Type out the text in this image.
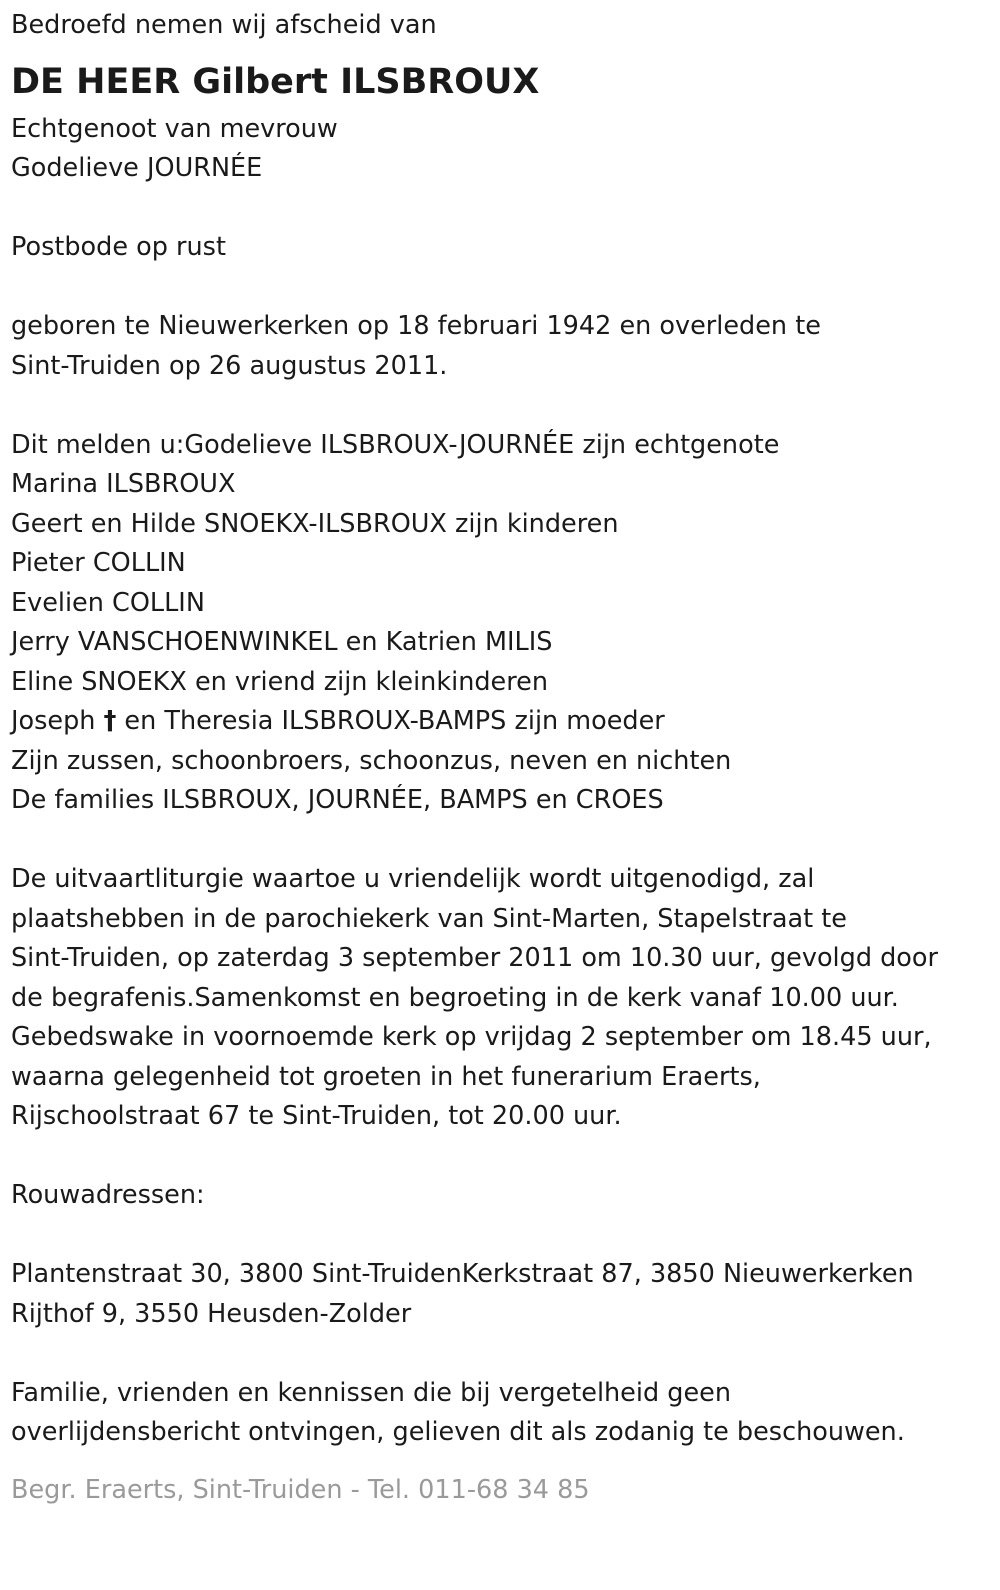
Bedroefd nemen wij afscheid van

DE HEER Gilbert ILSBROUX

Echtgenoot van mevrouw

Godelieve JOURNÉE

Postbode op rust

geboren te Nieuwerkerken op 18 februari 1942 en overleden te

Sint-Truiden op 26 augustus 2011.

Dit melden u:Godelieve ILSBROUX-JOURNÉE zijn echtgenote

Marina ILSBROUX

Geert en Hilde SNOEKX-ILSBROUX zijn kinderen

Pieter COLLIN

Evelien COLLIN

Jerry VANSCHOENWINKEL en Katrien MILIS

Eline SNOEKX en vriend zijn kleinkinderen

Joseph † en Theresia ILSBROUX-BAMPS zijn moeder

Zijn zussen, schoonbroers, schoonzus, neven en nichten

De families ILSBROUX, JOURNÉE, BAMPS en CROES

De uitvaartliturgie waartoe u vriendelijk wordt uitgenodigd, zal

plaatshebben in de parochiekerk van Sint-Marten, Stapelstraat te

Sint-Truiden, op zaterdag 3 september 2011 om 10.30 uur, gevolgd door

de begrafenis.Samenkomst en begroeting in de kerk vanaf 10.00 uur.

Gebedswake in voornoemde kerk op vrijdag 2 september om 18.45 uur,

waarna gelegenheid tot groeten in het funerarium Eraerts,

Rijschoolstraat 67 te Sint-Truiden, tot 20.00 uur.

Rouwadressen:

Plantenstraat 30, 3800 Sint-TruidenKerkstraat 87, 3850 Nieuwerkerken

Rijthof 9, 3550 Heusden-Zolder

Familie, vrienden en kennissen die bij vergetelheid geen

overlijdensbericht ontvingen, gelieven dit als zodanig te beschouwen.

Begr. Eraerts, Sint-Truiden - Tel. 011-68 34 85
